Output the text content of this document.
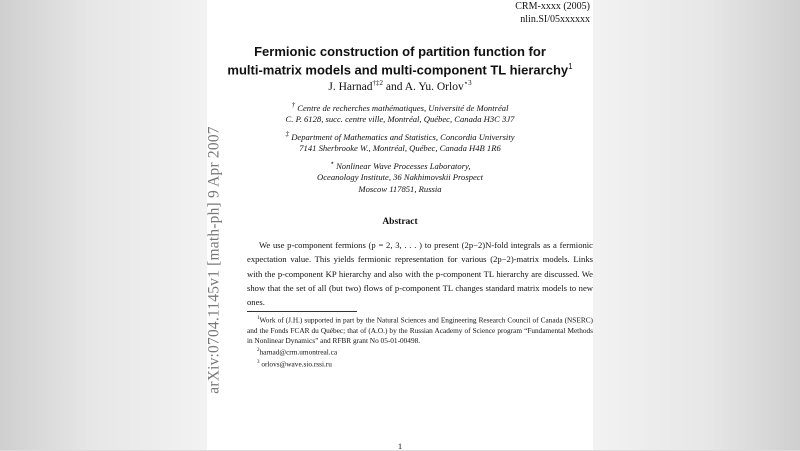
arXiv:0704.1145v1 [math-ph] 9 Apr 2007
CRM-xxxx (2005)
nlin.SI/05xxxxxx
Fermionic construction of partition function for
multi-matrix models and multi-component TL hierarchy$^1$
J. Harnad$^{\dagger\ddagger 2}$ and A. Yu. Orlov$^{⋆3}$
† Centre de recherches mathématiques, Université de Montréal
C. P. 6128, succ. centre ville, Montréal, Québec, Canada H3C 3J7
‡ Department of Mathematics and Statistics, Concordia University
7141 Sherbrooke W., Montréal, Québec, Canada H4B 1R6
⋆ Nonlinear Wave Processes Laboratory,
Oceanology Institute, 36 Nakhimovskii Prospect
Moscow 117851, Russia
Abstract

We use p-component fermions (p = 2, 3, . . . ) to present (2p−2)N-fold integrals as a fermionic expectation value. This yields fermionic representation for various (2p−2)-matrix models. Links with the p-component KP hierarchy and also with the p-component TL hierarchy are discussed. We show that the set of all (but two) flows of p-component TL changes standard matrix models to new ones.

$^1$Work of (J.H.) supported in part by the Natural Sciences and Engineering Research Council of Canada (NSERC) and the Fonds FCAR du Québec; that of (A.O.) by the Russian Academy of Science program “Fundamental Methods in Nonlinear Dynamics” and RFBR grant No 05-01-00498.
$^2$harnad@crm.umontreal.ca
$^3$ orlovs@wave.sio.rssi.ru
1
